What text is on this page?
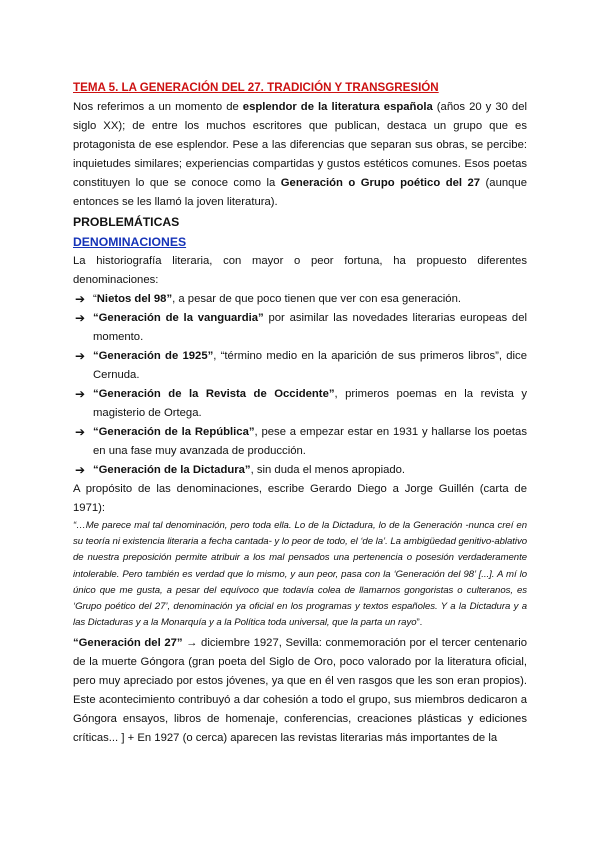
TEMA 5. LA GENERACIÓN DEL 27. TRADICIÓN Y TRANSGRESIÓN

Nos referimos a un momento de esplendor de la literatura española (años 20 y 30 del siglo XX); de entre los muchos escritores que publican, destaca un grupo que es protagonista de ese esplendor. Pese a las diferencias que separan sus obras, se percibe: inquietudes similares; experiencias compartidas y gustos estéticos comunes. Esos poetas constituyen lo que se conoce como la Generación o Grupo poético del 27 (aunque entonces se les llamó la joven literatura).

PROBLEMÁTICAS
DENOMINACIONES

La historiografía literaria, con mayor o peor fortuna, ha propuesto diferentes denominaciones:

➔ “Nietos del 98”, a pesar de que poco tienen que ver con esa generación.
➔ “Generación de la vanguardia” por asimilar las novedades literarias europeas del momento.
➔ “Generación de 1925”, “término medio en la aparición de sus primeros libros”, dice Cernuda.
➔ “Generación de la Revista de Occidente”, primeros poemas en la revista y magisterio de Ortega.
➔ “Generación de la República”, pese a empezar estar en 1931 y hallarse los poetas en una fase muy avanzada de producción.
➔ “Generación de la Dictadura”, sin duda el menos apropiado.

A propósito de las denominaciones, escribe Gerardo Diego a Jorge Guillén (carta de 1971):

“…Me parece mal tal denominación, pero toda ella. Lo de la Dictadura, lo de la Generación -nunca creí en su teoría ni existencia literaria a fecha cantada- y lo peor de todo, el ‘de la’. La ambigüedad genitivo-ablativo de nuestra preposición permite atribuir a los mal pensados una pertenencia o posesión verdaderamente intolerable. Pero también es verdad que lo mismo, y aun peor, pasa con la ‘Generación del 98’ [...]. A mí lo único que me gusta, a pesar del equívoco que todavía colea de llamarnos gongoristas o culteranos, es ‘Grupo poético del 27’, denominación ya oficial en los programas y textos españoles. Y a la Dictadura y a las Dictaduras y a la Monarquía y a la Política toda universal, que la parta un rayo”.

“Generación del 27” → diciembre 1927, Sevilla: conmemoración por el tercer centenario de la muerte Góngora (gran poeta del Siglo de Oro, poco valorado por la literatura oficial, pero muy apreciado por estos jóvenes, ya que en él ven rasgos que les son eran propios). Este acontecimiento contribuyó a dar cohesión a todo el grupo, sus miembros dedicaron a Góngora ensayos, libros de homenaje, conferencias, creaciones plásticas y ediciones críticas... ] + En 1927 (o cerca) aparecen las revistas literarias más importantes de la
